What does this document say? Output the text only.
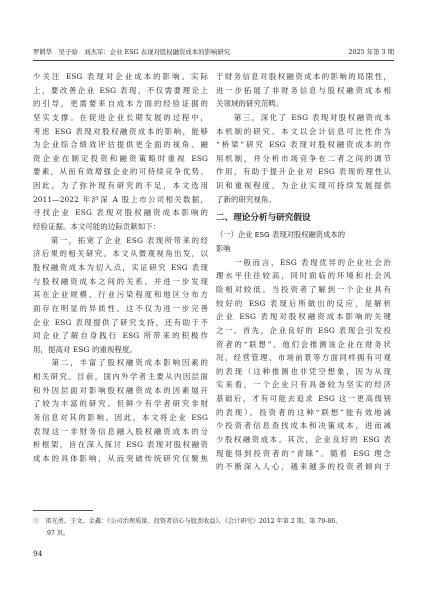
罗耕华　吴子晗　刘杰军：企业 ESG 表现对股权融资成本的影响研究	2025 年第 3 期
少关注 ESG 表现对企业成本的影响。实际
上，要改善企业 ESG 表现，不仅需要理论上
的引导，更需要来自成本方面的经验证据的
坚实支撑。在促进企业长期发展的过程中，
考虑 ESG 表现对股权融资成本的影响，能够
为企业综合绩效评估提供更全面的视角、融
资企业在制定投资和融资策略时重视 ESG
要素，从而有效增强企业的可持续竞争优势。
因此，为了弥补现有研究的不足，本文选用
2011—2022 年沪深 A 股上市公司相关数据，
寻找企业 ESG 表现对股权融资成本影响的
经验证据。本文可能的边际贡献如下：
　　第一，拓宽了企业 ESG 表现所带来的经
济后果的相关研究。本文从微观视角出发，以
股权融资成本为切入点，实证研究 ESG 表现
与股权融资成本之间的关系，并进一步发现
其在企业规模、行业污染程度和地区分布方
面存在明显的异质性。这不仅为进一步完善
企业 ESG 表现提供了研究支持，还有助于不
同企业了解自身践行 ESG 所带来的积极作
用，提高对 ESG 的重视程度。
　　第二，丰富了股权融资成本影响因素的
相关研究。目前，国内外学者主要从内因层面
和外因层面对影响股权融资成本的因素展开
了较为丰富的研究。但鲜少有学者研究非财
务信息对其的影响。因此，本文将企业 ESG
表现这一非财务信息融入股权融资成本的分
析框架，旨在深入探讨 ESG 表现对股权融资
成本的具体影响，从而突破传统研究仅聚焦
于财务信息对股权融资成本的影响的局限性，
进一步拓展了非财务信息与股权融资成本相
关领域的研究范畴。
　　第三，深化了 ESG 表现对股权融资成本
本机制的研究。本文以会计信息可比性作为
“桥梁”研究 ESG 表现对股权融资成本的作
用机制，并分析市场竞争在二者之间的调节
作用，有助于提升企业对 ESG 表现的理性认
识和重视程度，为企业实现可持续发展提供
了新的研究视角。
二、理论分析与研究假设
（一）企业 ESG 表现对股权融资成本的
影响
　　一般而言，ESG 表现优异的企业社会治
理水平往往较高，同时面临的环境和社会风
险相对较低。当投资者了解到一个企业具有
较好的 ESG 表现后所做出的反应，是解析
企业 ESG 表现对股权融资成本影响的关键
之一。首先，企业良好的 ESG 表现会引发投
资者的“联想”。他们会推测该企业在财务状
况、经营管理、市场前景等方面同样拥有可观
的表现（这种推测也非凭空想象，因为从现
实来看，一个企业只有具备较为坚实的经济
基础后，才有可能去追求 ESG 这一更高级别
的表现）。投资者的这种“联想”能有效地减
少投资者信息查找成本和决策成本，进而减
少股权融资成本。其次，企业良好的 ESG 表
现能得到投资者的“青睐”。随着 ESG 理念
的不断深入人心，越来越多的投资者倾向于
①　雷光勇、王文、金鑫：《公司治理质量、投资者信心与股票收益》，《会计研究》2012 年第 2 期，第 79-86、
97 页。
94
